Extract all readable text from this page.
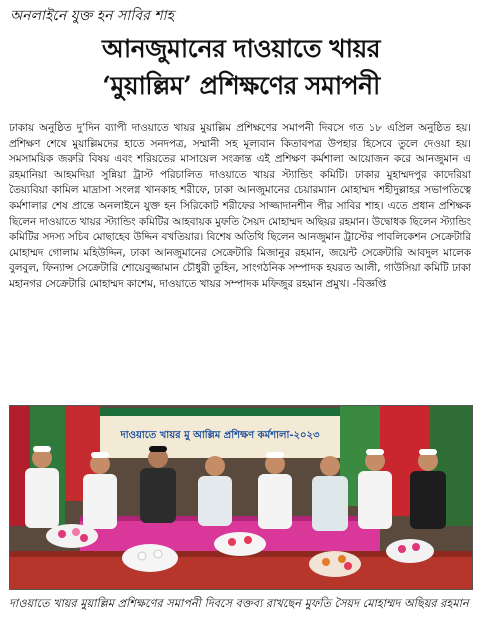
অনলাইনে যুক্ত হন সাবির শাহ
আনজুমানের দাওয়াতে খায়র
‘মুয়াল্লিম’ প্রশিক্ষণের সমাপনী
ঢাকায় অনুষ্ঠিত দু’দিন ব্যাপী দাওয়াতে খায়র মুয়াল্লিম প্রশিক্ষণের সমাপনী দিবসে গত ১৮ এপ্রিল অনুষ্ঠিত হয়। প্রশিক্ষণ শেষে মুয়াল্লিমদের হাতে সনদপত্র, সম্মানী সহ মূল্যবান কিতাবপত্র উপহার হিসেবে তুলে দেওয়া হয়। সমসাময়িক জরুরি বিষয় এবং শরিয়তের মাসায়েল সংক্রান্ত এই প্রশিক্ষণ কর্মশালা আয়োজন করে আনজুমান এ রহমানিয়া আহমদিয়া সুন্নিয়া ট্রাস্ট পরিচালিত দাওয়াতে খায়র স্ট্যান্ডিং কমিটি। ঢাকার মুহাম্মদপুর কাদেরিয়া তৈয়্যবিয়া কামিল মাদ্রাসা সংলগ্ন খানকাহ শরীফে, ঢাকা আনজুমানের চেয়ারম্যান মোহাম্মদ শহীদুল্লাহর সভাপতিত্বে কর্মশালার শেষ প্রান্তে অনলাইনে যুক্ত হন সিরিকোট শরীফের সাজ্জাদানশীন পীর সাবির শাহ। এতে প্রধান প্রশিক্ষক ছিলেন দাওয়াতে খায়র স্ট্যান্ডিং কমিটির আহবায়ক মুফতি সৈয়দ মোহাম্মদ অছিয়র রহমান। উদ্বোধক ছিলেন স্ট্যান্ডিং কমিটির সদস্য সচিব মোছাহেব উদ্দিন বখতিয়ার। বিশেষ অতিথি ছিলেন আনজুমান ট্রাস্টের পাবলিকেশন সেক্রেটারি মোহাম্মদ গোলাম মহিউদ্দিন, ঢাকা আনজুমানের সেক্রেটারি মিজানুর রহমান, জয়েন্ট সেক্রেটারি আবদুল মালেক বুলবুল, ফিন্যান্স সেক্রেটারি শোয়েবুজ্জামান চৌধুরী তুহিন, সাংগঠনিক সম্পাদক হযরত আলী, গাউসিয়া কমিটি ঢাকা মহানগর সেক্রেটারি মোহাম্মদ কাশেম, দাওয়াতে খায়র সম্পাদক মফিজুর রহমান প্রমুখ। -বিজ্ঞপ্তি
দাওয়াতে খায়র মু আল্লিম প্রশিক্ষণ কর্মশালা-২০২৩
দাওয়াতে খায়র মুয়াল্লিম প্রশিক্ষণের সমাপনী দিবসে বক্তব্য রাখছেন মুফতি সৈয়দ মোহাম্মদ অছিয়র রহমান
